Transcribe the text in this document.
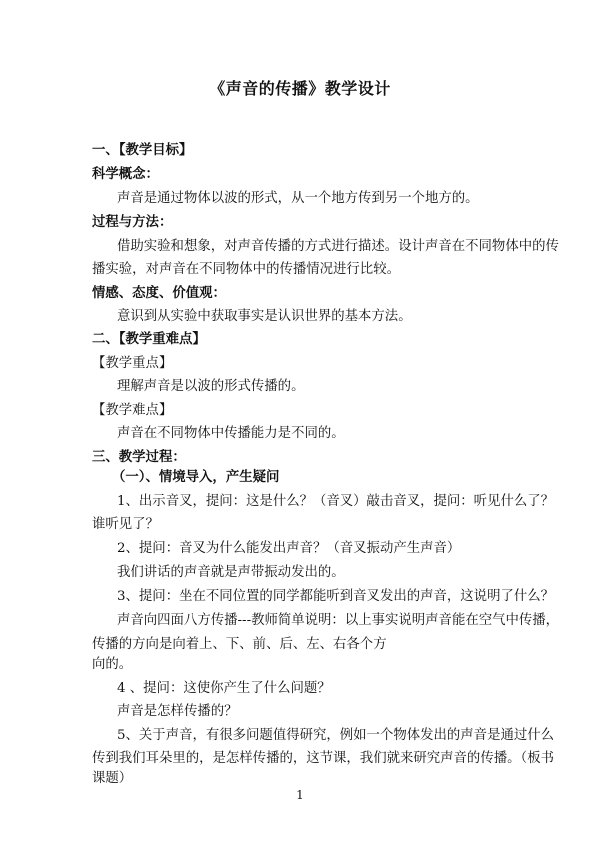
《声音的传播》教学设计
一、【教学目标】
科学概念：
声音是通过物体以波的形式，从一个地方传到另一个地方的。
过程与方法：
借助实验和想象，对声音传播的方式进行描述。设计声音在不同物体中的传
播实验，对声音在不同物体中的传播情况进行比较。
情感、态度、价值观：
意识到从实验中获取事实是认识世界的基本方法。
二、【教学重难点】
【教学重点】
理解声音是以波的形式传播的。
【教学难点】
声音在不同物体中传播能力是不同的。
三、教学过程：
（一）、情境导入，产生疑问
1、出示音叉，提问：这是什么？（音叉）敲击音叉，提问：听见什么了？
谁听见了？
2、提问：音叉为什么能发出声音？（音叉振动产生声音）
我们讲话的声音就是声带振动发出的。
3、提问：坐在不同位置的同学都能听到音叉发出的声音，这说明了什么？
声音向四面八方传播---教师简单说明：以上事实说明声音能在空气中传播，
传播的方向是向着上、下、前、后、左、右各个方
向的。
4 、提问：这使你产生了什么问题？
声音是怎样传播的？
5、关于声音，有很多问题值得研究，例如一个物体发出的声音是通过什么
传到我们耳朵里的，是怎样传播的，这节课，我们就来研究声音的传播。（板书
课题）
1
